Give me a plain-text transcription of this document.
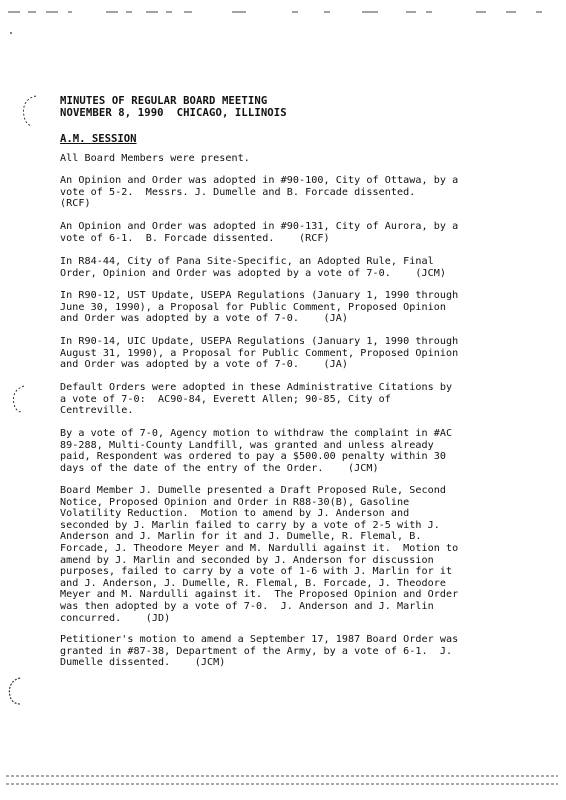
MINUTES OF REGULAR BOARD MEETING
NOVEMBER 8, 1990  CHICAGO, ILLINOIS
A.M. SESSION

All Board Members were present.

An Opinion and Order was adopted in #90-100, City of Ottawa, by a
vote of 5-2.  Messrs. J. Dumelle and B. Forcade dissented.
(RCF)

An Opinion and Order was adopted in #90-131, City of Aurora, by a
vote of 6-1.  B. Forcade dissented.    (RCF)

In R84-44, City of Pana Site-Specific, an Adopted Rule, Final
Order, Opinion and Order was adopted by a vote of 7-0.    (JCM)

In R90-12, UST Update, USEPA Regulations (January 1, 1990 through
June 30, 1990), a Proposal for Public Comment, Proposed Opinion
and Order was adopted by a vote of 7-0.    (JA)

In R90-14, UIC Update, USEPA Regulations (January 1, 1990 through
August 31, 1990), a Proposal for Public Comment, Proposed Opinion
and Order was adopted by a vote of 7-0.    (JA)

Default Orders were adopted in these Administrative Citations by
a vote of 7-0:  AC90-84, Everett Allen; 90-85, City of
Centreville.

By a vote of 7-0, Agency motion to withdraw the complaint in #AC
89-288, Multi-County Landfill, was granted and unless already
paid, Respondent was ordered to pay a $500.00 penalty within 30
days of the date of the entry of the Order.    (JCM)

Board Member J. Dumelle presented a Draft Proposed Rule, Second
Notice, Proposed Opinion and Order in R88-30(B), Gasoline
Volatility Reduction.  Motion to amend by J. Anderson and
seconded by J. Marlin failed to carry by a vote of 2-5 with J.
Anderson and J. Marlin for it and J. Dumelle, R. Flemal, B.
Forcade, J. Theodore Meyer and M. Nardulli against it.  Motion to
amend by J. Marlin and seconded by J. Anderson for discussion
purposes, failed to carry by a vote of 1-6 with J. Marlin for it
and J. Anderson, J. Dumelle, R. Flemal, B. Forcade, J. Theodore
Meyer and M. Nardulli against it.  The Proposed Opinion and Order
was then adopted by a vote of 7-0.  J. Anderson and J. Marlin
concurred.    (JD)

Petitioner's motion to amend a September 17, 1987 Board Order was
granted in #87-38, Department of the Army, by a vote of 6-1.  J.
Dumelle dissented.    (JCM)
